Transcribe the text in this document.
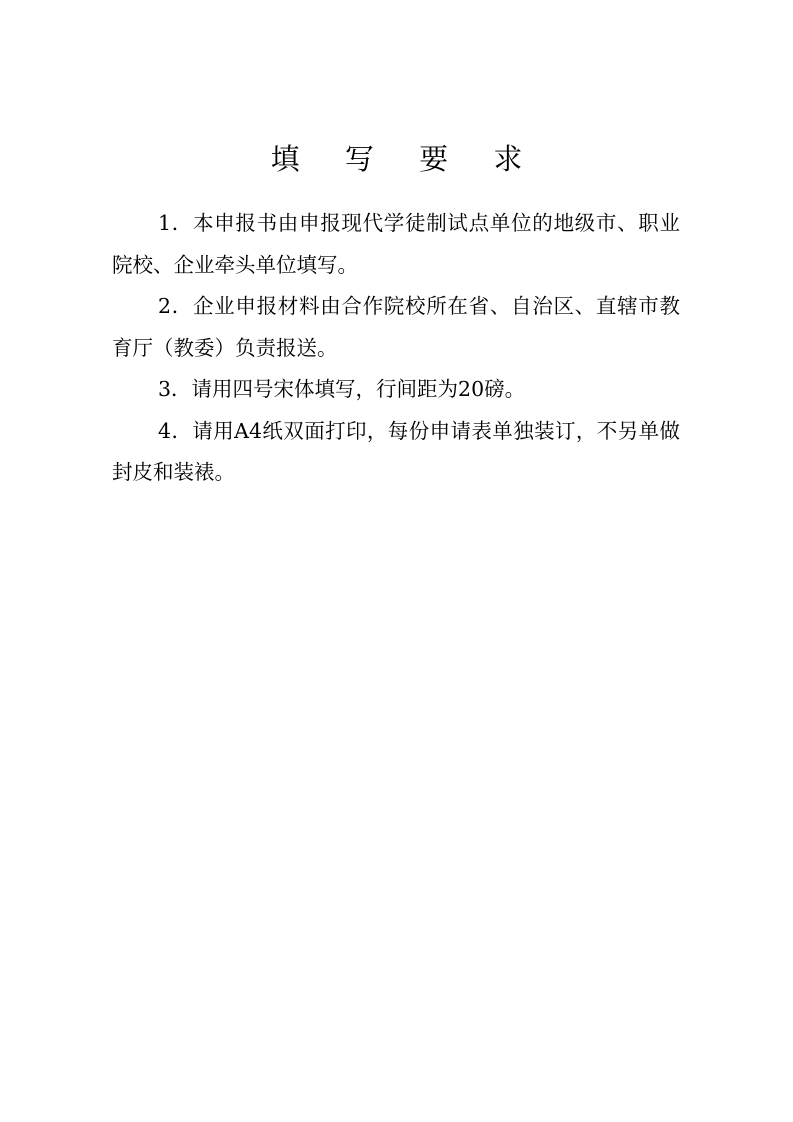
填 写 要 求

1．本申报书由申报现代学徒制试点单位的地级市、职业院校、企业牵头单位填写。

2．企业申报材料由合作院校所在省、自治区、直辖市教育厅（教委）负责报送。

3．请用四号宋体填写，行间距为20磅。

4．请用A4纸双面打印，每份申请表单独装订，不另单做封皮和装裱。
